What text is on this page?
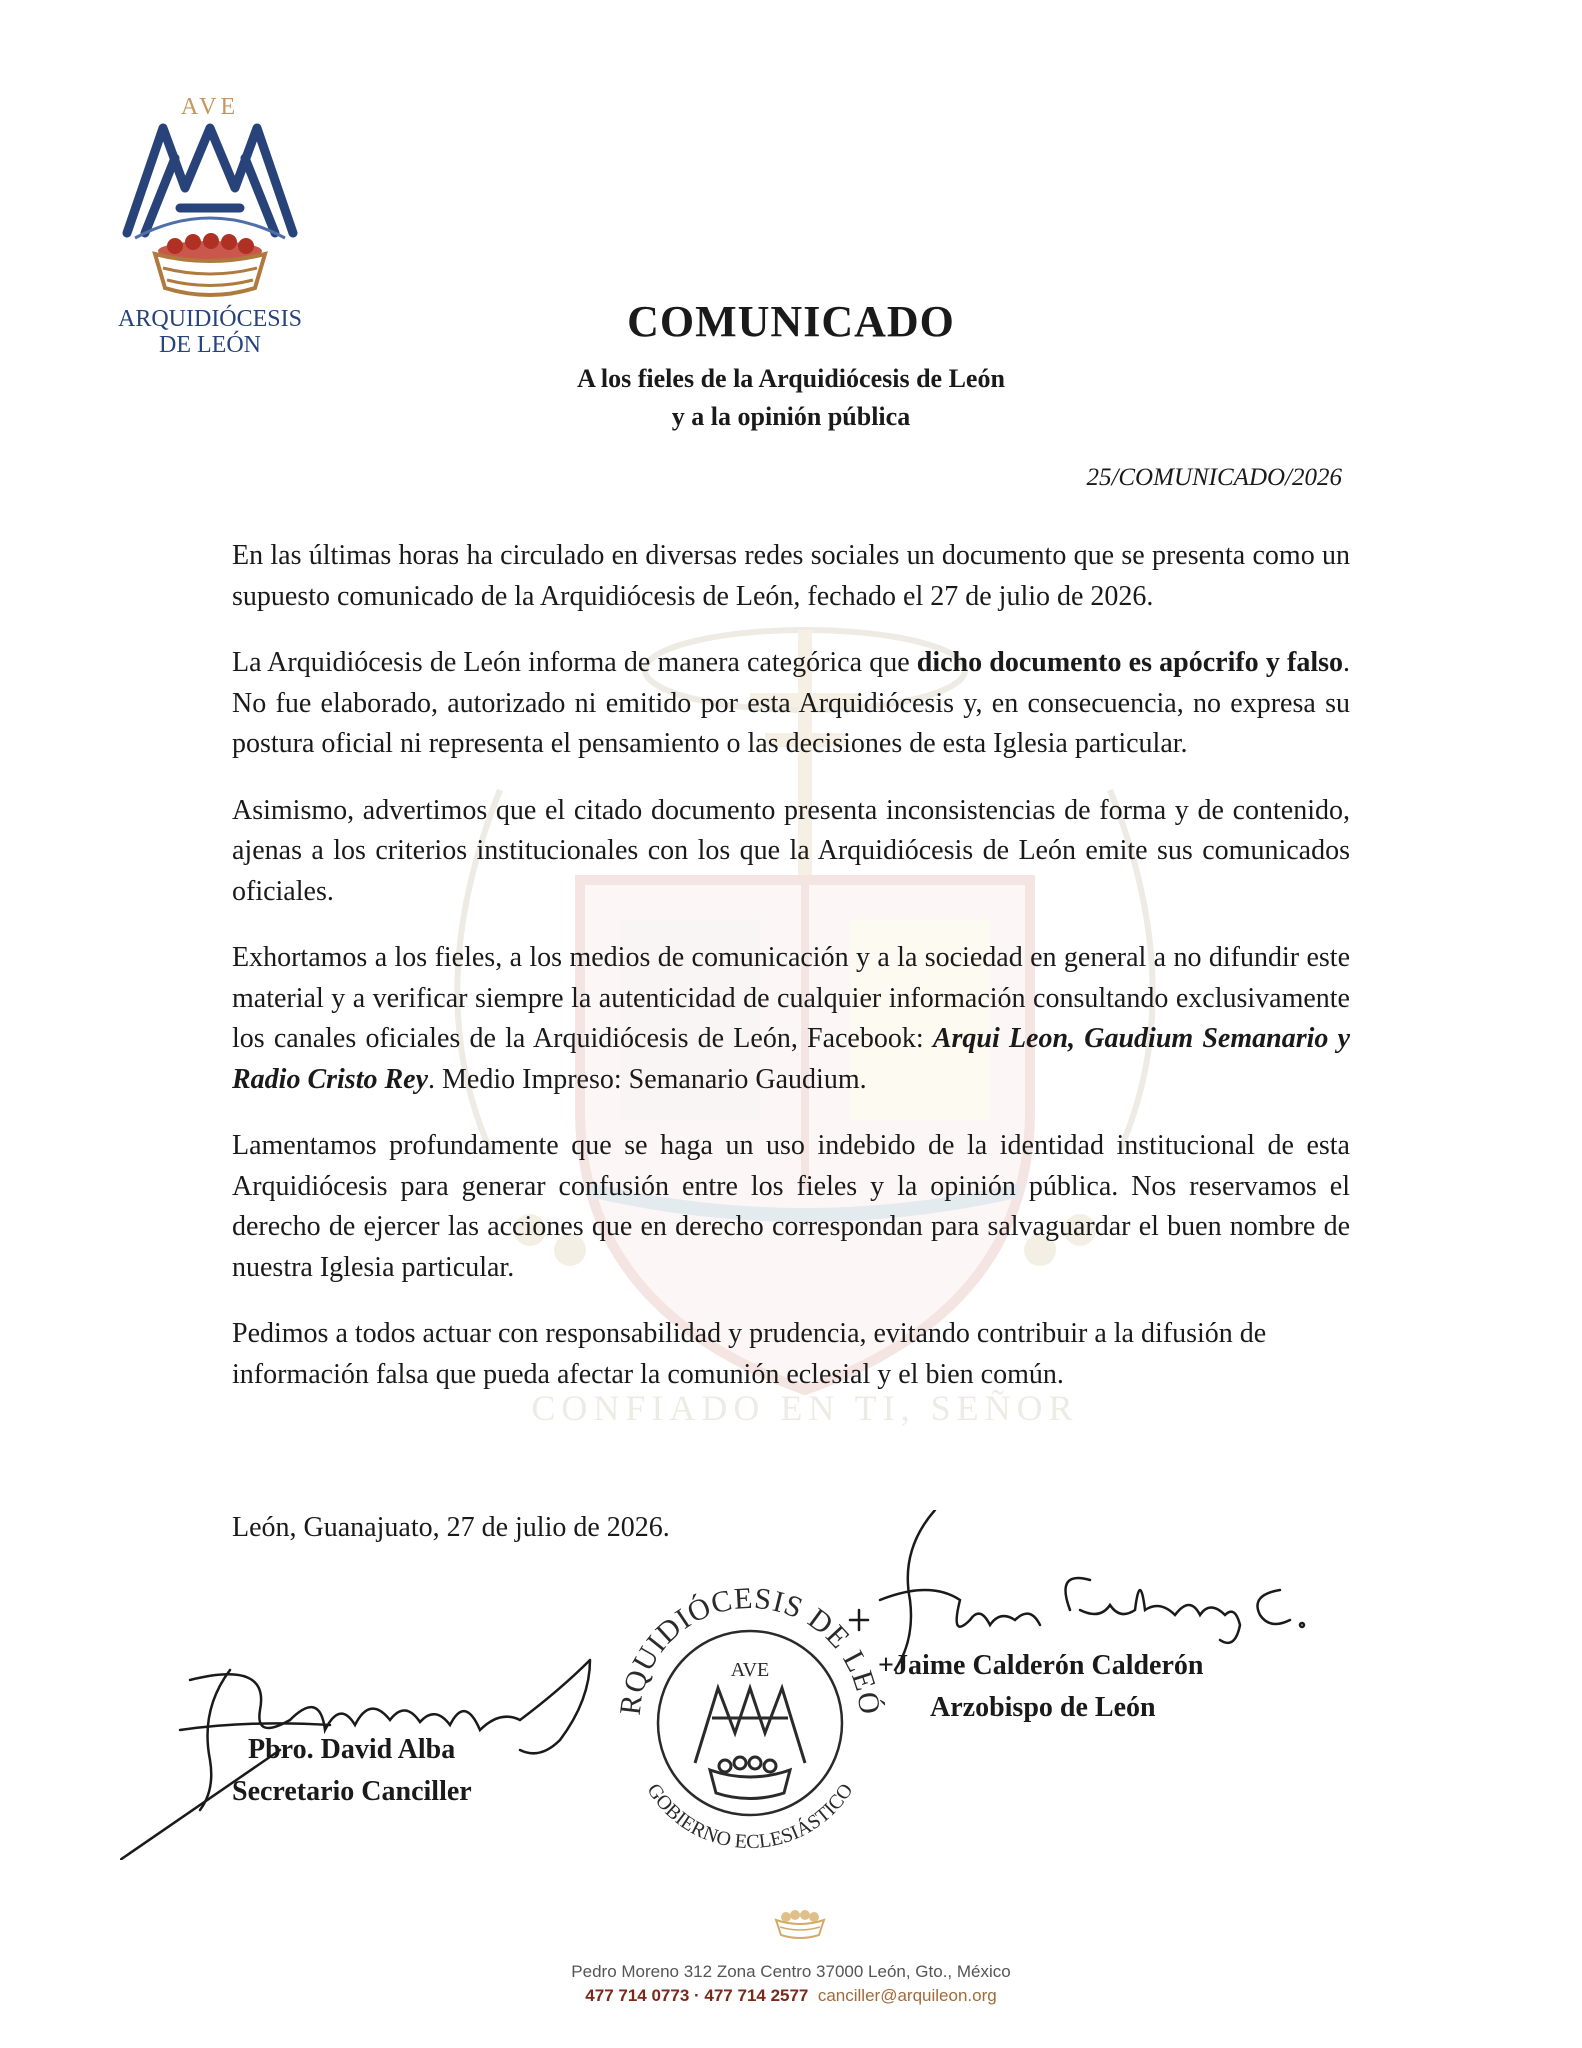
AVE
ARQUIDIÓCESIS
DE LEÓN
CONFIADO EN TI, SEÑOR
COMUNICADO
A los fieles de la Arquidiócesis de León
y a la opinión pública
25/COMUNICADO/2026

En las últimas horas ha circulado en diversas redes sociales un documento que se presenta como un supuesto comunicado de la Arquidiócesis de León, fechado el 27 de julio de 2026.

La Arquidiócesis de León informa de manera categórica que dicho documento es apócrifo y falso. No fue elaborado, autorizado ni emitido por esta Arquidiócesis y, en consecuencia, no expresa su postura oficial ni representa el pensamiento o las decisiones de esta Iglesia particular.

Asimismo, advertimos que el citado documento presenta inconsistencias de forma y de contenido, ajenas a los criterios institucionales con los que la Arquidiócesis de León emite sus comunicados oficiales.

Exhortamos a los fieles, a los medios de comunicación y a la sociedad en general a no difundir este material y a verificar siempre la autenticidad de cualquier información consultando exclusivamente los canales oficiales de la Arquidiócesis de León, Facebook: Arqui Leon, Gaudium Semanario y Radio Cristo Rey. Medio Impreso: Semanario Gaudium.

Lamentamos profundamente que se haga un uso indebido de la identidad institucional de esta Arquidiócesis para generar confusión entre los fieles y la opinión pública. Nos reservamos el derecho de ejercer las acciones que en derecho correspondan para salvaguardar el buen nombre de nuestra Iglesia particular.

Pedimos a todos actuar con responsabilidad y prudencia, evitando contribuir a la difusión de información falsa que pueda afectar la comunión eclesial y el bien común.

León, Guanajuato, 27 de julio de 2026.
RQUIDIÓCESIS DE LEÓ
GOBIERNO ECLESIÁSTICO
AVE	+Jaime Calderón Calderón
Arzobispo de León
Pbro. David Alba
Secretario Canciller
Pedro Moreno 312 Zona Centro 37000 León, Gto., México
477 714 0773 · 477 714 2577 canciller@arquileon.org
